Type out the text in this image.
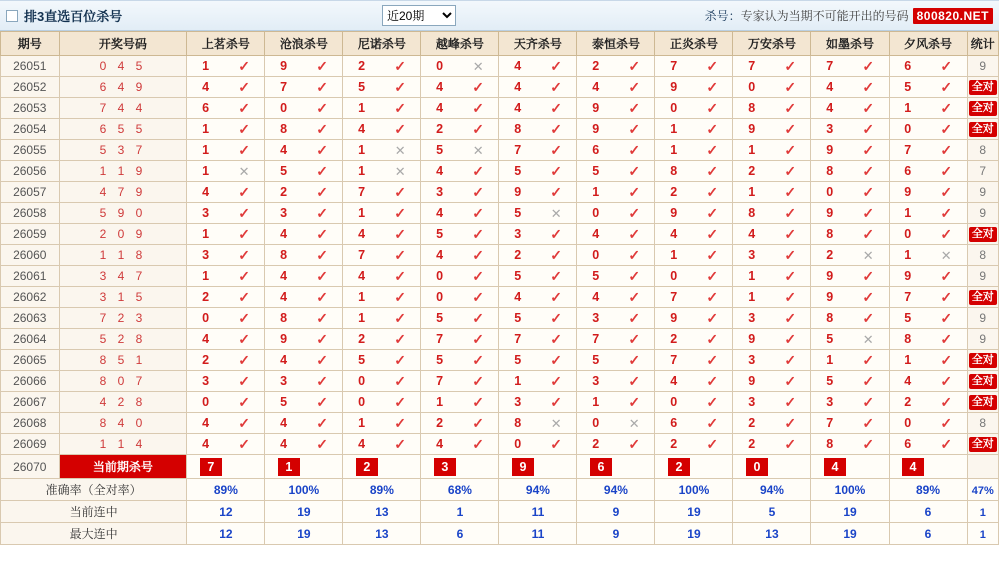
排3直选百位杀号
近20期	杀号： 专家认为当期不可能开出的号码 800820.NET
期号	开奖号码	上茗杀号	沧浪杀号	尼诺杀号	越峰杀号	天齐杀号	泰恒杀号	正炎杀号	万安杀号	如墨杀号	夕风杀号	统计
26051	0 4 5	1 ✓	9 ✓	2 ✓	0 ✕	4 ✓	2 ✓	7 ✓	7 ✓	7 ✓	6 ✓	9
26052	6 4 9	4 ✓	7 ✓	5 ✓	4 ✓	4 ✓	4 ✓	9 ✓	0 ✓	4 ✓	5 ✓	全对
26053	7 4 4	6 ✓	0 ✓	1 ✓	4 ✓	4 ✓	9 ✓	0 ✓	8 ✓	4 ✓	1 ✓	全对
26054	6 5 5	1 ✓	8 ✓	4 ✓	2 ✓	8 ✓	9 ✓	1 ✓	9 ✓	3 ✓	0 ✓	全对
26055	5 3 7	1 ✓	4 ✓	1 ✕	5 ✕	7 ✓	6 ✓	1 ✓	1 ✓	9 ✓	7 ✓	8
26056	1 1 9	1 ✕	5 ✓	1 ✕	4 ✓	5 ✓	5 ✓	8 ✓	2 ✓	8 ✓	6 ✓	7
26057	4 7 9	4 ✓	2 ✓	7 ✓	3 ✓	9 ✓	1 ✓	2 ✓	1 ✓	0 ✓	9 ✓	9
26058	5 9 0	3 ✓	3 ✓	1 ✓	4 ✓	5 ✕	0 ✓	9 ✓	8 ✓	9 ✓	1 ✓	9
26059	2 0 9	1 ✓	4 ✓	4 ✓	5 ✓	3 ✓	4 ✓	4 ✓	4 ✓	8 ✓	0 ✓	全对
26060	1 1 8	3 ✓	8 ✓	7 ✓	4 ✓	2 ✓	0 ✓	1 ✓	3 ✓	2 ✕	1 ✕	8
26061	3 4 7	1 ✓	4 ✓	4 ✓	0 ✓	5 ✓	5 ✓	0 ✓	1 ✓	9 ✓	9 ✓	9
26062	3 1 5	2 ✓	4 ✓	1 ✓	0 ✓	4 ✓	4 ✓	7 ✓	1 ✓	9 ✓	7 ✓	全对
26063	7 2 3	0 ✓	8 ✓	1 ✓	5 ✓	5 ✓	3 ✓	9 ✓	3 ✓	8 ✓	5 ✓	9
26064	5 2 8	4 ✓	9 ✓	2 ✓	7 ✓	7 ✓	7 ✓	2 ✓	9 ✓	5 ✕	8 ✓	9
26065	8 5 1	2 ✓	4 ✓	5 ✓	5 ✓	5 ✓	5 ✓	7 ✓	3 ✓	1 ✓	1 ✓	全对
26066	8 0 7	3 ✓	3 ✓	0 ✓	7 ✓	1 ✓	3 ✓	4 ✓	9 ✓	5 ✓	4 ✓	全对
26067	4 2 8	0 ✓	5 ✓	0 ✓	1 ✓	3 ✓	1 ✓	0 ✓	3 ✓	3 ✓	2 ✓	全对
26068	8 4 0	4 ✓	4 ✓	1 ✓	2 ✓	8 ✕	0 ✕	6 ✓	2 ✓	7 ✓	0 ✓	8
26069	1 1 4	4 ✓	4 ✓	4 ✓	4 ✓	0 ✓	2 ✓	2 ✓	2 ✓	8 ✓	6 ✓	全对
26070	当前期杀号	7	1	2	3	9	6	2	0	4	4	
准确率（全对率）		89%	100%	89%	68%	94%	94%	100%	94%	100%	89%	47%
当前连中		12	19	13	1	11	9	19	5	19	6	1
最大连中		12	19	13	6	11	9	19	13	19	6	1
